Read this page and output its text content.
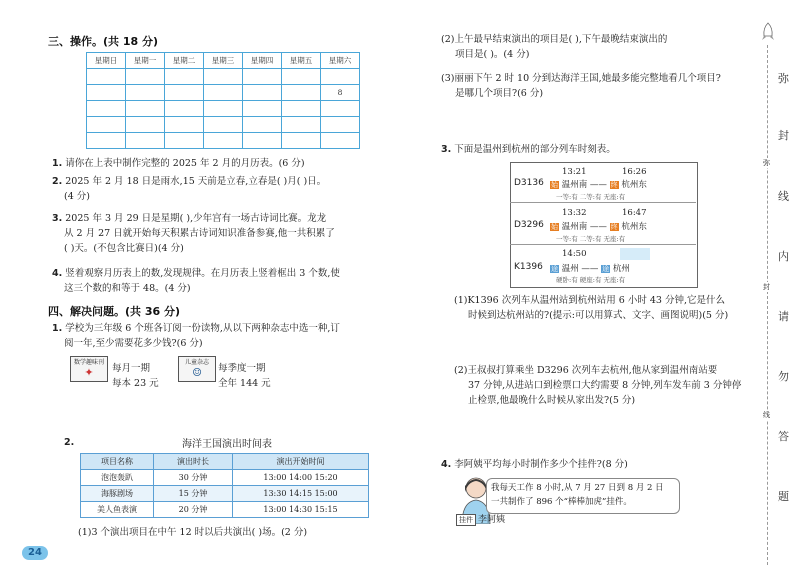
三、操作。(共 18 分)
星期日	星期一	星期二	星期三	星期四	星期五	星期六

						8

1. 请你在上表中制作完整的 2025 年 2 月的月历表。(6 分)
2. 2025 年 2 月 18 日是雨水,15 天前是立春,立春是( )月( )日。
(4 分)
3. 2025 年 3 月 29 日是星期( ),少年宫有一场古诗词比赛。龙龙
从 2 月 27 日就开始每天积累古诗词知识准备参赛,他一共积累了
( )天。(不包含比赛日)(4 分)
4. 竖着观察月历表上的数,发现规律。在月历表上竖着框出 3 个数,使
这三个数的和等于 48。(4 分)
四、解决问题。(共 36 分)
1. 学校为三年级 6 个班各订阅一份读物,从以下两种杂志中选一种,订
阅一年,至少需要花多少钱?(6 分)
数学趣味刊
✦	每月一期
每本 23 元
儿童杂志
☺	每季度一期
全年 144 元
2.	海洋王国演出时间表
项目名称	演出时长	演出开始时间
泡泡轰趴	30 分钟	13:00 14:00 15:20
海豚剧场	15 分钟	13:30 14:15 15:00
美人鱼表演	20 分钟	13:00 14:30 15:15
(1)3 个演出项目在中午 12 时以后共演出( )场。(2 分)
24
(2)上午最早结束演出的项目是( ),下午最晚结束演出的
项目是( )。(4 分)
(3)丽丽下午 2 时 10 分到达海洋王国,她最多能完整地看几个项目?
是哪几个项目?(6 分)
3. 下面是温州到杭州的部分列车时刻表。
D3136
13:21	16:26
始 温州南 —— 终 杭州东
一等:有 二等:有 无座:有
D3296
13:32	16:47
始 温州南 —— 终 杭州东
一等:有 二等:有 无座:有
K1396
14:50
途 温州 —— 途 杭州
硬卧:有 硬座:有 无座:有
(1)K1396 次列车从温州站到杭州站用 6 小时 43 分钟,它是什么
时候到达杭州站的?(提示:可以用算式、文字、画图说明)(5 分)
(2)王叔叔打算乘坐 D3296 次列车去杭州,他从家到温州南站要
37 分钟,从进站口到检票口大约需要 8 分钟,列车发车前 3 分钟停
止检票,他最晚什么时候从家出发?(5 分)
4. 李阿姨平均每小时制作多少个挂件?(8 分)
挂件 李阿姨
我每天工作 8 小时,从 7 月 27 日到 8 月 2 日
一共制作了 896 个“棒棒加虎”挂件。
弥
封
线
内
请
勿
答
题
弥
封
线
